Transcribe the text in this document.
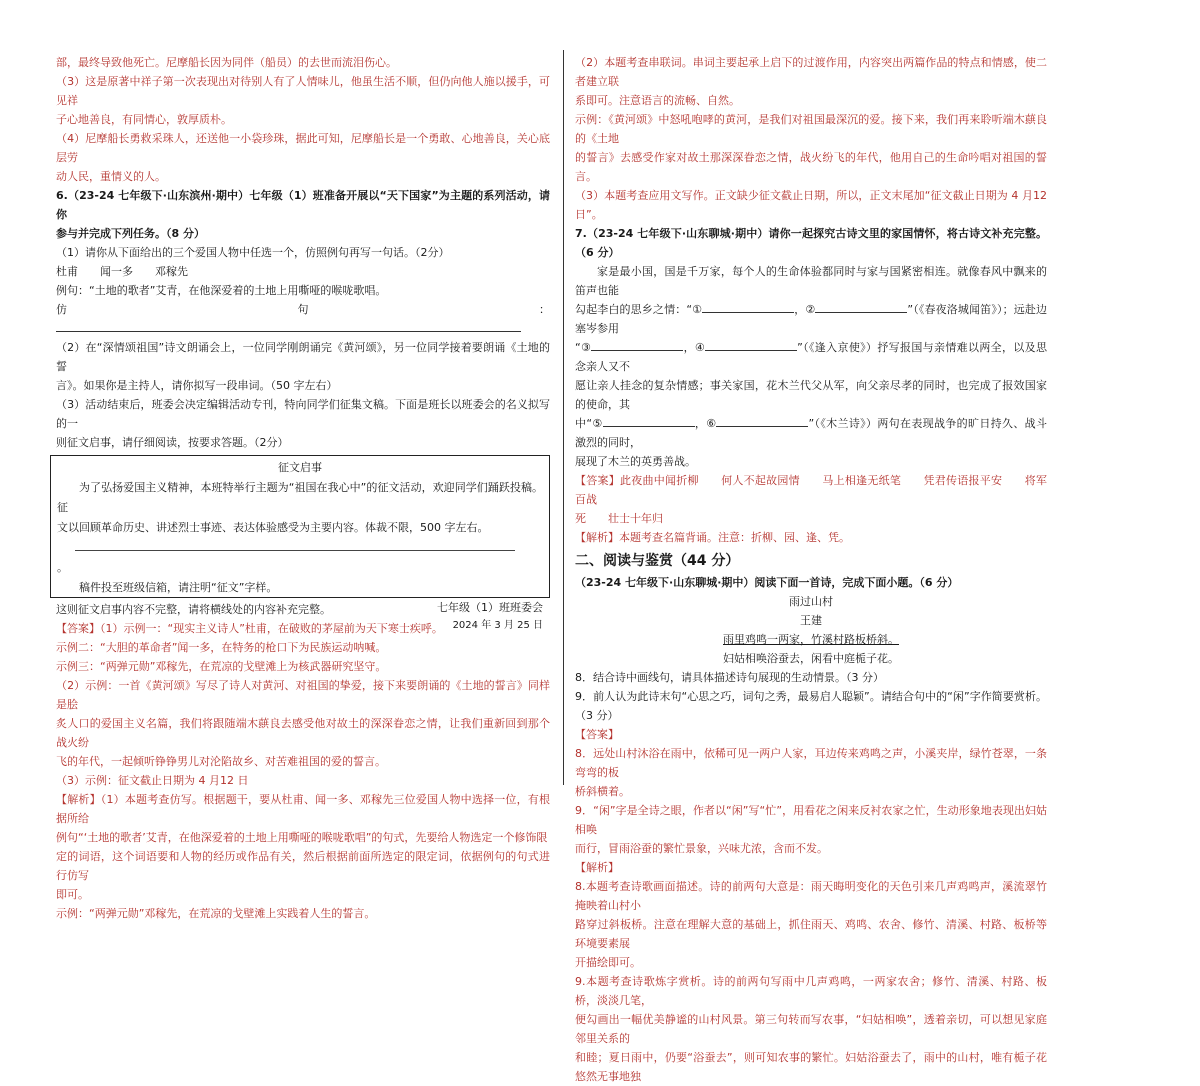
部，最终导致他死亡。尼摩船长因为同伴（船员）的去世而流泪伤心。

（3）这是原著中祥子第一次表现出对待别人有了人情味儿，他虽生活不顺，但仍向他人施以援手，可见祥

子心地善良，有同情心，敦厚质朴。

（4）尼摩船长勇救采珠人，还送他一小袋珍珠，据此可知，尼摩船长是一个勇敢、心地善良，关心底层劳

动人民，重情义的人。

6.（23-24 七年级下·山东滨州·期中）七年级（1）班准备开展以“天下国家”为主题的系列活动，请你

参与并完成下列任务。（8 分）

（1）请你从下面给出的三个爱国人物中任选一个，仿照例句再写一句话。（2分）

杜甫　　闻一多　　邓稼先

例句：“土地的歌者”艾青，在他深爱着的土地上用嘶哑的喉咙歌唱。

仿句：

（2）在“深情颂祖国”诗文朗诵会上，一位同学刚朗诵完《黄河颂》，另一位同学接着要朗诵《土地的誓

言》。如果你是主持人，请你拟写一段串词。（50 字左右）

（3）活动结束后，班委会决定编辑活动专刊，特向同学们征集文稿。下面是班长以班委会的名义拟写的一

则征文启事，请仔细阅读，按要求答题。（2分）

征文启事

为了弘扬爱国主义精神，本班特举行主题为“祖国在我心中”的征文活动，欢迎同学们踊跃投稿。征

文以回顾革命历史、讲述烈士事迹、表达体验感受为主要内容。体裁不限，500 字左右。

。

稿件投至班级信箱，请注明“征文”字样。

七年级（1）班班委会

2024 年 3 月 25 日

这则征文启事内容不完整，请将横线处的内容补充完整。

【答案】（1）示例一：“现实主义诗人”杜甫，在破败的茅屋前为天下寒士疾呼。

示例二：“大胆的革命者”闻一多，在特务的枪口下为民族运动呐喊。

示例三：“两弹元勋”邓稼先，在荒凉的戈壁滩上为核武器研究坚守。

（2）示例：一首《黄河颂》写尽了诗人对黄河、对祖国的挚爱，接下来要朗诵的《土地的誓言》同样是脍

炙人口的爱国主义名篇，我们将跟随端木蕻良去感受他对故土的深深眷恋之情，让我们重新回到那个战火纷

飞的年代，一起倾听铮铮男儿对沦陷故乡、对苦难祖国的爱的誓言。

（3）示例：征文截止日期为 4 月12 日

【解析】（1）本题考查仿写。根据题干，要从杜甫、闻一多、邓稼先三位爱国人物中选择一位，有根据所给

例句“‘土地的歌者’艾青，在他深爱着的土地上用嘶哑的喉咙歌唱”的句式，先要给人物选定一个修饰限

定的词语，这个词语要和人物的经历或作品有关，然后根据前面所选定的限定词，依据例句的句式进行仿写

即可。

示例：“两弹元勋”邓稼先，在荒凉的戈壁滩上实践着人生的誓言。

（2）本题考查串联词。串词主要起承上启下的过渡作用，内容突出两篇作品的特点和情感，使二者建立联

系即可。注意语言的流畅、自然。

示例：《黄河颂》中怒吼咆哮的黄河，是我们对祖国最深沉的爱。接下来，我们再来聆听端木蕻良的《土地

的誓言》去感受作家对故土那深深眷恋之情，战火纷飞的年代，他用自己的生命吟唱对祖国的誓言。

（3）本题考查应用文写作。正文缺少征文截止日期，所以，正文末尾加“征文截止日期为 4 月12 日”。

7.（23-24 七年级下·山东聊城·期中）请你一起探究古诗文里的家国情怀，将古诗文补充完整。（6 分）

家是最小国，国是千万家，每个人的生命体验都同时与家与国紧密相连。就像春风中飘来的笛声也能

勾起李白的思乡之情：“①	，②	”（《春夜洛城闻笛》）；远赴边塞岑参用

“③	，④	”（《逢入京使》）抒写报国与亲情难以两全，以及思念亲人又不

愿让亲人挂念的复杂情感；事关家国，花木兰代父从军，向父亲尽孝的同时，也完成了报效国家的使命，其

中“⑤	，⑥	”（《木兰诗》）两句在表现战争的旷日持久、战斗激烈的同时，

展现了木兰的英勇善战。

【答案】此夜曲中闻折柳　　何人不起故园情　　马上相逢无纸笔　　凭君传语报平安　　将军百战

死　　壮士十年归

【解析】本题考查名篇背诵。注意：折柳、园、逢、凭。

二、阅读与鉴赏（44 分）

（23-24 七年级下·山东聊城·期中）阅读下面一首诗，完成下面小题。（6 分）

雨过山村

王建

雨里鸡鸣一两家，竹溪村路板桥斜。

妇姑相唤浴蚕去，闲看中庭栀子花。

8．结合诗中画线句，请具体描述诗句展现的生动情景。（3 分）

9．前人认为此诗末句“心思之巧，词句之秀，最易启人聪颖”。请结合句中的“闲”字作简要赏析。（3 分）

【答案】

8．远处山村沐浴在雨中，依稀可见一两户人家，耳边传来鸡鸣之声，小溪夹岸，绿竹苍翠，一条弯弯的板

桥斜横着。

9．“闲”字是全诗之眼，作者以“闲”写“忙”，用看花之闲来反衬农家之忙，生动形象地表现出妇姑相唤

而行，冒雨浴蚕的繁忙景象，兴味尤浓，含而不发。

【解析】

8.本题考查诗歌画面描述。诗的前两句大意是：雨天晦明变化的天色引来几声鸡鸣声，溪流翠竹掩映着山村小

路穿过斜板桥。注意在理解大意的基础上，抓住雨天、鸡鸣、农舍、修竹、清溪、村路、板桥等环境要素展

开描绘即可。

9.本题考查诗歌炼字赏析。诗的前两句写雨中几声鸡鸣，一两家农舍；修竹、清溪、村路、板桥，淡淡几笔，

便勾画出一幅优美静谧的山村风景。第三句转而写农事，“妇姑相唤”，透着亲切，可以想见家庭邻里关系的

和睦；夏日雨中，仍要“浴蚕去”，则可知农事的繁忙。妇姑浴蚕去了，雨中的山村，唯有栀子花悠然无事地独
